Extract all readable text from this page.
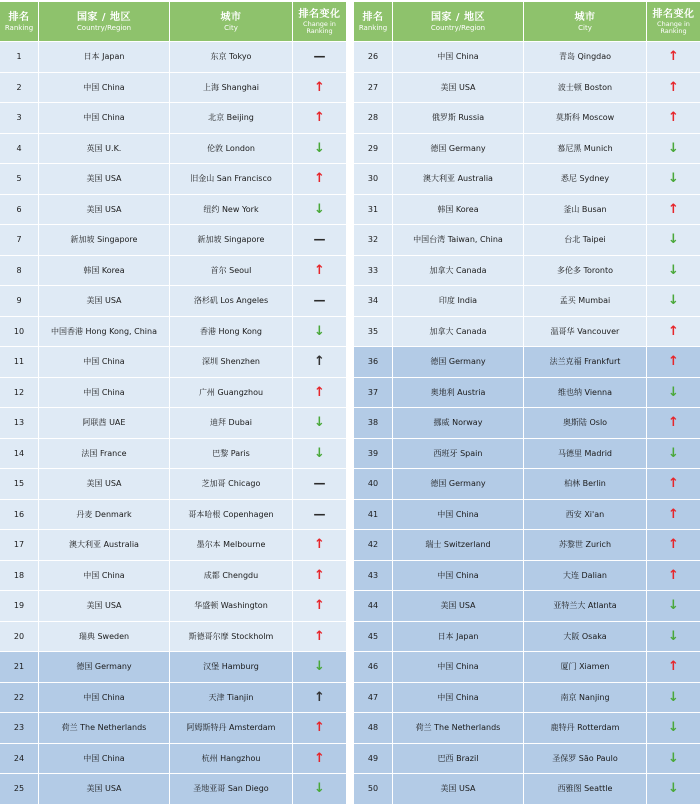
排名
Ranking	国家 / 地区
Country/Region	城市
City	排名变化
Change in Ranking

1	日本 Japan	东京 Tokyo	—
2	中国 China	上海 Shanghai	↑
3	中国 China	北京 Beijing	↑
4	英国 U.K.	伦敦 London	↓
5	美国 USA	旧金山 San Francisco	↑
6	美国 USA	纽约 New York	↓
7	新加坡 Singapore	新加坡 Singapore	—
8	韩国 Korea	首尔 Seoul	↑
9	美国 USA	洛杉矶 Los Angeles	—
10	中国香港 Hong Kong, China	香港 Hong Kong	↓
11	中国 China	深圳 Shenzhen	↑
12	中国 China	广州 Guangzhou	↑
13	阿联酋 UAE	迪拜 Dubai	↓
14	法国 France	巴黎 Paris	↓
15	美国 USA	芝加哥 Chicago	—
16	丹麦 Denmark	哥本哈根 Copenhagen	—
17	澳大利亚 Australia	墨尔本 Melbourne	↑
18	中国 China	成都 Chengdu	↑
19	美国 USA	华盛顿 Washington	↑
20	瑞典 Sweden	斯德哥尔摩 Stockholm	↑
21	德国 Germany	汉堡 Hamburg	↓
22	中国 China	天津 Tianjin	↑
23	荷兰 The Netherlands	阿姆斯特丹 Amsterdam	↑
24	中国 China	杭州 Hangzhou	↑
25	美国 USA	圣地亚哥 San Diego	↓
排名
Ranking	国家 / 地区
Country/Region	城市
City	排名变化
Change in Ranking

26	中国 China	青岛 Qingdao	↑
27	美国 USA	波士顿 Boston	↑
28	俄罗斯 Russia	莫斯科 Moscow	↑
29	德国 Germany	慕尼黑 Munich	↓
30	澳大利亚 Australia	悉尼 Sydney	↓
31	韩国 Korea	釜山 Busan	↑
32	中国台湾 Taiwan, China	台北 Taipei	↓
33	加拿大 Canada	多伦多 Toronto	↓
34	印度 India	孟买 Mumbai	↓
35	加拿大 Canada	温哥华 Vancouver	↑
36	德国 Germany	法兰克福 Frankfurt	↑
37	奥地利 Austria	维也纳 Vienna	↓
38	挪威 Norway	奥斯陆 Oslo	↑
39	西班牙 Spain	马德里 Madrid	↓
40	德国 Germany	柏林 Berlin	↑
41	中国 China	西安 Xi'an	↑
42	瑞士 Switzerland	苏黎世 Zurich	↑
43	中国 China	大连 Dalian	↑
44	美国 USA	亚特兰大 Atlanta	↓
45	日本 Japan	大阪 Osaka	↓
46	中国 China	厦门 Xiamen	↑
47	中国 China	南京 Nanjing	↓
48	荷兰 The Netherlands	鹿特丹 Rotterdam	↓
49	巴西 Brazil	圣保罗 São Paulo	↓
50	美国 USA	西雅图 Seattle	↓
